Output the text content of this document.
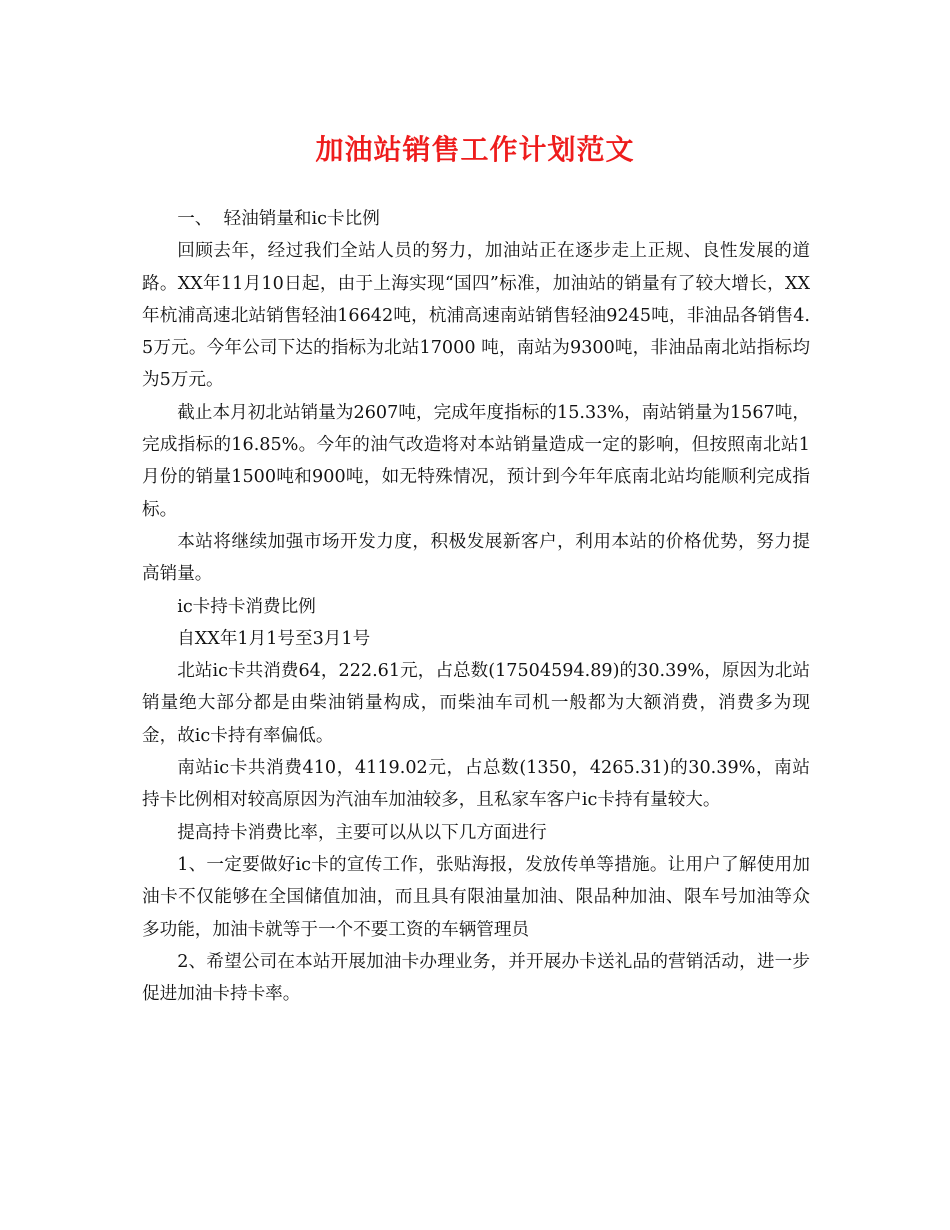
加油站销售工作计划范文

一、  轻油销量和ic卡比例

回顾去年，经过我们全站人员的努力，加油站正在逐步走上正规、良性发展的道路。XX年11月10日起，由于上海实现“国四”标准，加油站的销量有了较大增长，XX年杭浦高速北站销售轻油16642吨，杭浦高速南站销售轻油9245吨，非油品各销售4.5万元。今年公司下达的指标为北站17000 吨，南站为9300吨，非油品南北站指标均为5万元。

截止本月初北站销量为2607吨，完成年度指标的15.33%，南站销量为1567吨，完成指标的16.85%。今年的油气改造将对本站销量造成一定的影响，但按照南北站1月份的销量1500吨和900吨，如无特殊情况，预计到今年年底南北站均能顺利完成指标。

本站将继续加强市场开发力度，积极发展新客户，利用本站的价格优势，努力提高销量。

ic卡持卡消费比例

自XX年1月1号至3月1号

北站ic卡共消费64，222.61元，占总数(17504594.89)的30.39%，原因为北站销量绝大部分都是由柴油销量构成，而柴油车司机一般都为大额消费，消费多为现金，故ic卡持有率偏低。

南站ic卡共消费410，4119.02元，占总数(1350，4265.31)的30.39%，南站持卡比例相对较高原因为汽油车加油较多，且私家车客户ic卡持有量较大。

提高持卡消费比率，主要可以从以下几方面进行

1、一定要做好ic卡的宣传工作，张贴海报，发放传单等措施。让用户了解使用加油卡不仅能够在全国储值加油，而且具有限油量加油、限品种加油、限车号加油等众多功能，加油卡就等于一个不要工资的车辆管理员

2、希望公司在本站开展加油卡办理业务，并开展办卡送礼品的营销活动，进一步促进加油卡持卡率。
